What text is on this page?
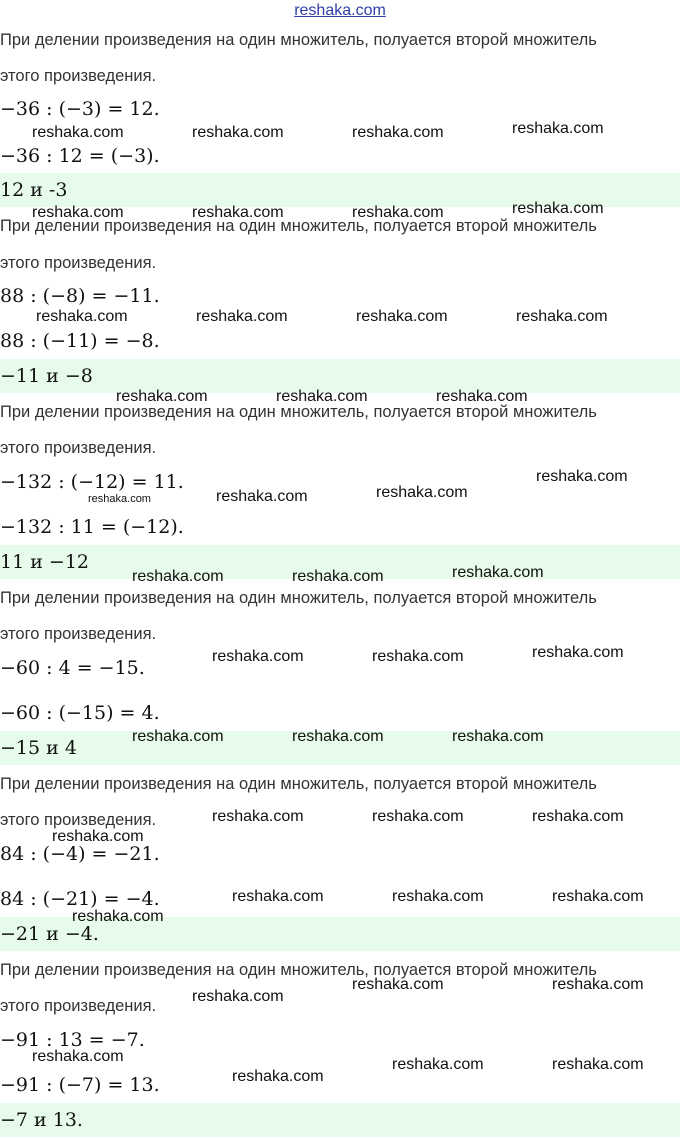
reshaka.com
При делении произведения на один множитель, полуается второй множитель
этого произведения.
−36 : (−3) = 12.
−36 : 12 = (−3).
12 и -3
При делении произведения на один множитель, полуается второй множитель
этого произведения.
88 : (−8) = −11.
88 : (−11) = −8.
−11 и −8
При делении произведения на один множитель, полуается второй множитель
этого произведения.
−132 : (−12) = 11.
−132 : 11 = (−12).
11 и −12
При делении произведения на один множитель, полуается второй множитель
этого произведения.
−60 : 4 = −15.
−60 : (−15) = 4.
−15 и 4
При делении произведения на один множитель, полуается второй множитель
этого произведения.
84 : (−4) = −21.
84 : (−21) = −4.
−21 и −4.
При делении произведения на один множитель, полуается второй множитель
этого произведения.
−91 : 13 = −7.
−91 : (−7) = 13.
−7 и 13.
reshaka.com	reshaka.com	reshaka.com	reshaka.com
reshaka.com	reshaka.com	reshaka.com	reshaka.com
reshaka.com	reshaka.com	reshaka.com	reshaka.com
reshaka.com	reshaka.com	reshaka.com
reshaka.com	reshaka.com	reshaka.com
reshaka.com
reshaka.com	reshaka.com	reshaka.com
reshaka.com	reshaka.com	reshaka.com
reshaka.com	reshaka.com	reshaka.com
reshaka.com	reshaka.com	reshaka.com
reshaka.com
reshaka.com	reshaka.com	reshaka.com
reshaka.com
reshaka.com
reshaka.com	reshaka.com
reshaka.com
reshaka.com
reshaka.com	reshaka.com
